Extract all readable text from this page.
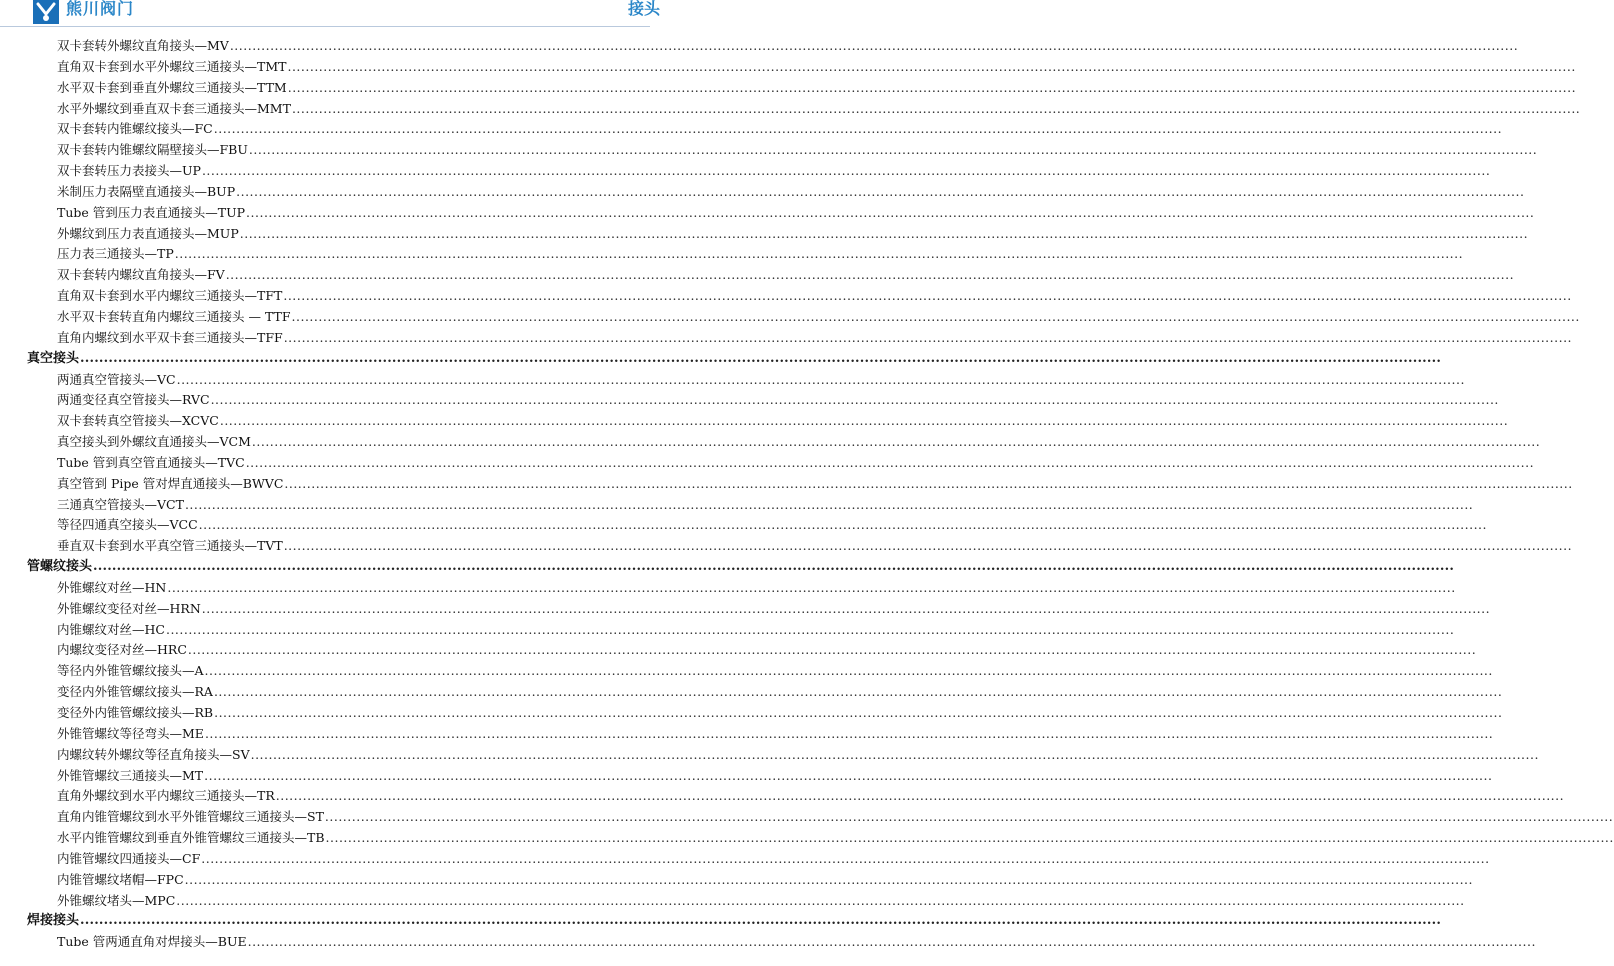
熊川阀门	接头
双卡套转外螺纹直角接头—MV
.....
直角双卡套到水平外螺纹三通接头—TMT
.....
水平双卡套到垂直外螺纹三通接头—TTM
.....
水平外螺纹到垂直双卡套三通接头—MMT
.....
双卡套转内锥螺纹接头—FC
.....
双卡套转内锥螺纹隔壁接头—FBU
.....
双卡套转压力表接头—UP
.....
米制压力表隔壁直通接头—BUP
.....
Tube 管到压力表直通接头—TUP
.....
外螺纹到压力表直通接头—MUP
.....
压力表三通接头—TP
.....
双卡套转内螺纹直角接头—FV
.....
直角双卡套到水平内螺纹三通接头—TFT
.....
水平双卡套转直角内螺纹三通接头 — TTF
.....
直角内螺纹到水平双卡套三通接头—TFF
.....
真空接头
.....
两通真空管接头—VC
.....
两通变径真空管接头—RVC
.....
双卡套转真空管接头—XCVC
.....
真空接头到外螺纹直通接头—VCM
.....
Tube 管到真空管直通接头—TVC
.....
真空管到 Pipe 管对焊直通接头—BWVC
.....
三通真空管接头—VCT
.....
等径四通真空接头—VCC
.....
垂直双卡套到水平真空管三通接头—TVT
.....
管螺纹接头
.....
外锥螺纹对丝—HN
.....
外锥螺纹变径对丝—HRN
.....
内锥螺纹对丝—HC
.....
内螺纹变径对丝—HRC
.....
等径内外锥管螺纹接头—A
.....
变径内外锥管螺纹接头—RA
.....
变径外内锥管螺纹接头—RB
.....
外锥管螺纹等径弯头—ME
.....
内螺纹转外螺纹等径直角接头—SV
.....
外锥管螺纹三通接头—MT
.....
直角外螺纹到水平内螺纹三通接头—TR
.....
直角内锥管螺纹到水平外锥管螺纹三通接头—ST
.....
水平内锥管螺纹到垂直外锥管螺纹三通接头—TB
.....
内锥管螺纹四通接头—CF
.....
内锥管螺纹堵帽—FPC
.....
外锥螺纹堵头—MPC
.....
焊接接头
.....
Tube 管两通直角对焊接头—BUE
.....
